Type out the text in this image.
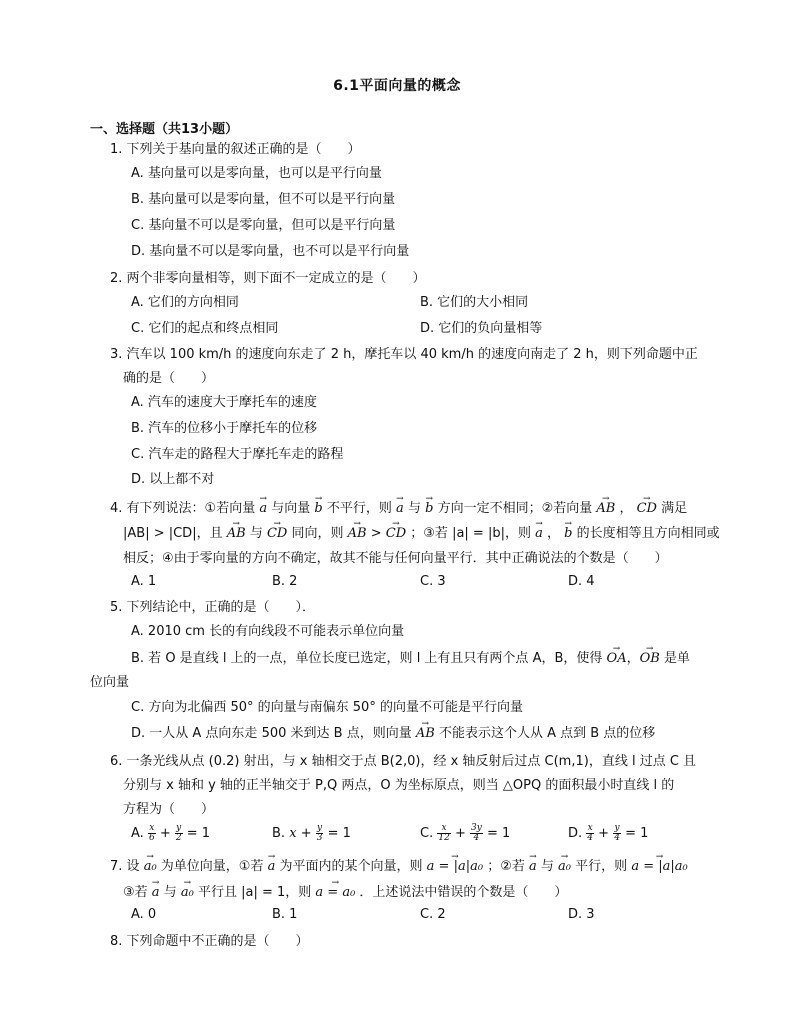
6.1平面向量的概念
一、选择题（共13小题）
1. 下列关于基向量的叙述正确的是（　　）
A. 基向量可以是零向量，也可以是平行向量
B. 基向量可以是零向量，但不可以是平行向量
C. 基向量不可以是零向量，但可以是平行向量
D. 基向量不可以是零向量，也不可以是平行向量
2. 两个非零向量相等，则下面不一定成立的是（　　）
A. 它们的方向相同	B. 它们的大小相同
C. 它们的起点和终点相同	D. 它们的负向量相等
3. 汽车以 100 km/h 的速度向东走了 2 h，摩托车以 40 km/h 的速度向南走了 2 h，则下列命题中正
确的是（　　）
A. 汽车的速度大于摩托车的速度
B. 汽车的位移小于摩托车的位移
C. 汽车走的路程大于摩托车走的路程
D. 以上都不对
4. 有下列说法：①若向量 → a 与向量 → b 不平行，则 → a 与 → b 方向一定不相同；②若向量 → AB ， → CD 满足
|AB| > |CD|，且 → AB 与 → CD 同向，则 → AB > → CD ；③若 |a| = |b|，则 → a ， → b 的长度相等且方向相同或
相反；④由于零向量的方向不确定，故其不能与任何向量平行．其中正确说法的个数是（　　）
A. 1	B. 2	C. 3	D. 4
5. 下列结论中，正确的是（　　）．
A. 2010 cm 长的有向线段不可能表示单位向量
B. 若 O 是直线 l 上的一点，单位长度已选定，则 l 上有且只有两个点 A，B，使得 → OA，→ OB 是单
位向量
C. 方向为北偏西 50° 的向量与南偏东 50° 的向量不可能是平行向量
D. 一人从 A 点向东走 500 米到达 B 点，则向量 → AB 不能表示这个人从 A 点到 B 点的位移
6. 一条光线从点 (0.2) 射出，与 x 轴相交于点 B(2,0)，经 x 轴反射后过点 C(m,1)，直线 l 过点 C 且
分别与 x 轴和 y 轴的正半轴交于 P,Q 两点，O 为坐标原点，则当 △OPQ 的面积最小时直线 l 的
方程为（　　）
A. $\frac{x}{6} + \frac{y}{2} = 1$	B. $x + \frac{y}{3} = 1$	C. $\frac{x}{12} + \frac{3y}{4} = 1$	D. $\frac{x}{4} + \frac{y}{4} = 1$
7. 设 → a₀ 为单位向量，①若 → a 为平面内的某个向量，则 → a = |a|a₀ ；②若 → a 与 → a₀ 平行，则 → a = |a|a₀
③若 → a 与 → a₀ 平行且 |a| = 1，则 → a = a₀ ．上述说法中错误的个数是（　　）
A. 0	B. 1	C. 2	D. 3
8. 下列命题中不正确的是（　　）
